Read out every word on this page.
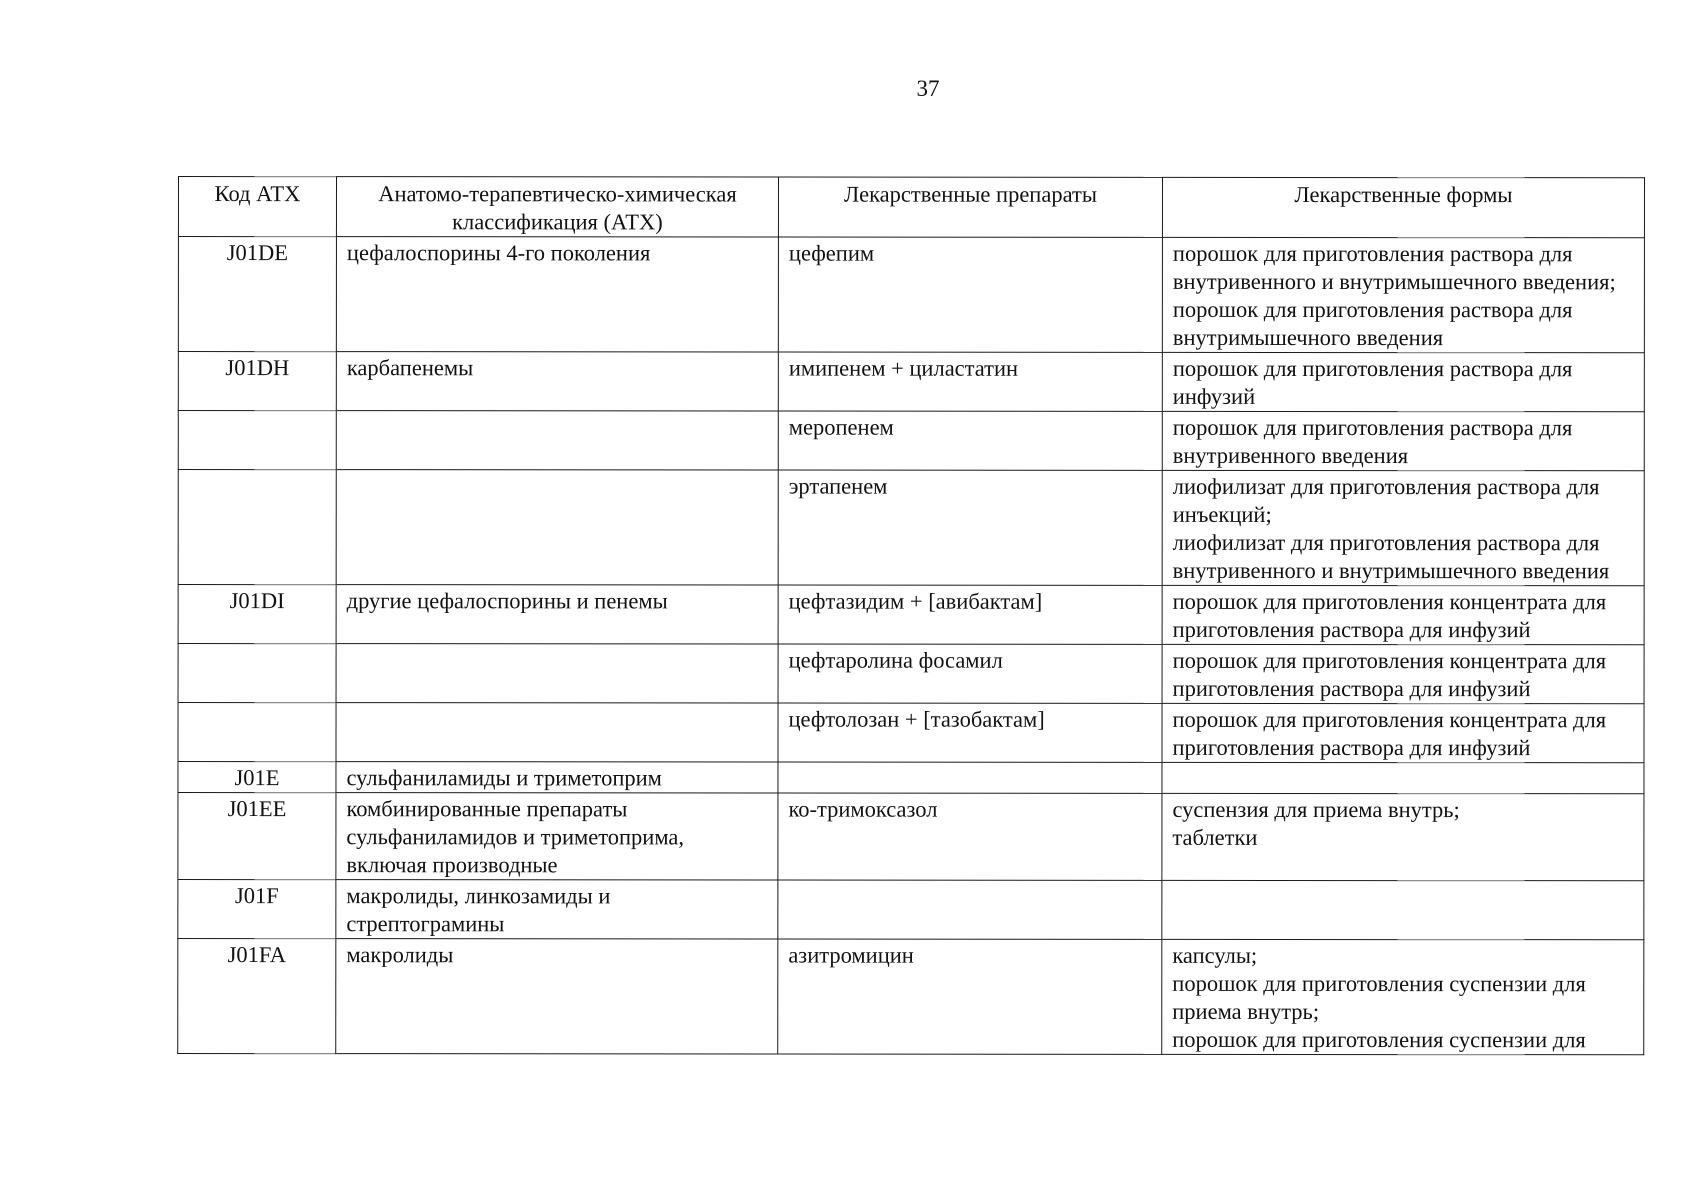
37
Код АТХ	Анатомо-терапевтическо-химическая классификация (АТХ)	Лекарственные препараты	Лекарственные формы
J01DE	цефалоспорины 4-го поколения	цефепим	порошок для приготовления раствора для внутривенного и внутримышечного введения;
порошок для приготовления раствора для внутримышечного введения

J01DH	карбапенемы	имипенем + циластатин	порошок для приготовления раствора для инфузий

		меропенем	порошок для приготовления раствора для внутривенного введения

		эртапенем	лиофилизат для приготовления раствора для инъекций;
лиофилизат для приготовления раствора для внутривенного и внутримышечного введения

J01DI	другие цефалоспорины и пенемы	цефтазидим + [авибактам]	порошок для приготовления концентрата для приготовления раствора для инфузий

		цефтаролина фосамил	порошок для приготовления концентрата для приготовления раствора для инфузий

		цефтолозан + [тазобактам]	порошок для приготовления концентрата для приготовления раствора для инфузий

J01E	сульфаниламиды и триметоприм		

J01EE	комбинированные препараты сульфаниламидов и триметоприма, включая производные	ко-тримоксазол	суспензия для приема внутрь;
таблетки

J01F	макролиды, линкозамиды и стрептограмины		

J01FA	макролиды	азитромицин	капсулы;
порошок для приготовления суспензии для приема внутрь;
порошок для приготовления суспензии для
